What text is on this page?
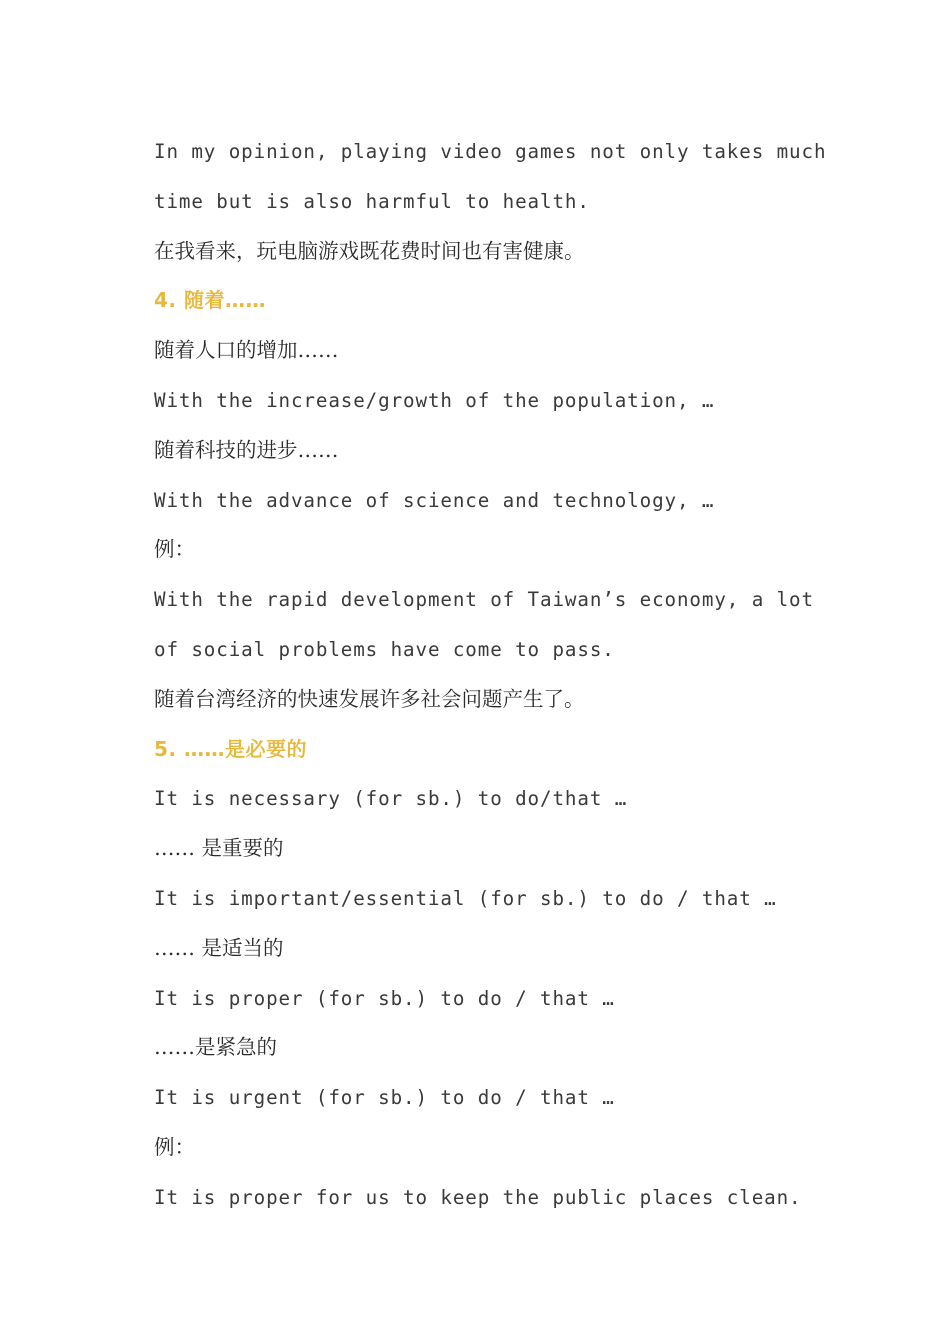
In my opinion, playing video games not only takes much
time but is also harmful to health.
在我看来，玩电脑游戏既花费时间也有害健康。
4. 随着……
随着人口的增加……
With the increase/growth of the population, …
随着科技的进步……
With the advance of science and technology, …
例：
With the rapid development of Taiwan’s economy, a lot
of social problems have come to pass.
随着台湾经济的快速发展许多社会问题产生了。
5. ……是必要的
It is necessary (for sb.) to do/that …
…… 是重要的
It is important/essential (for sb.) to do / that …
…… 是适当的
It is proper (for sb.) to do / that …
……是紧急的
It is urgent (for sb.) to do / that …
例：
It is proper for us to keep the public places clean.
